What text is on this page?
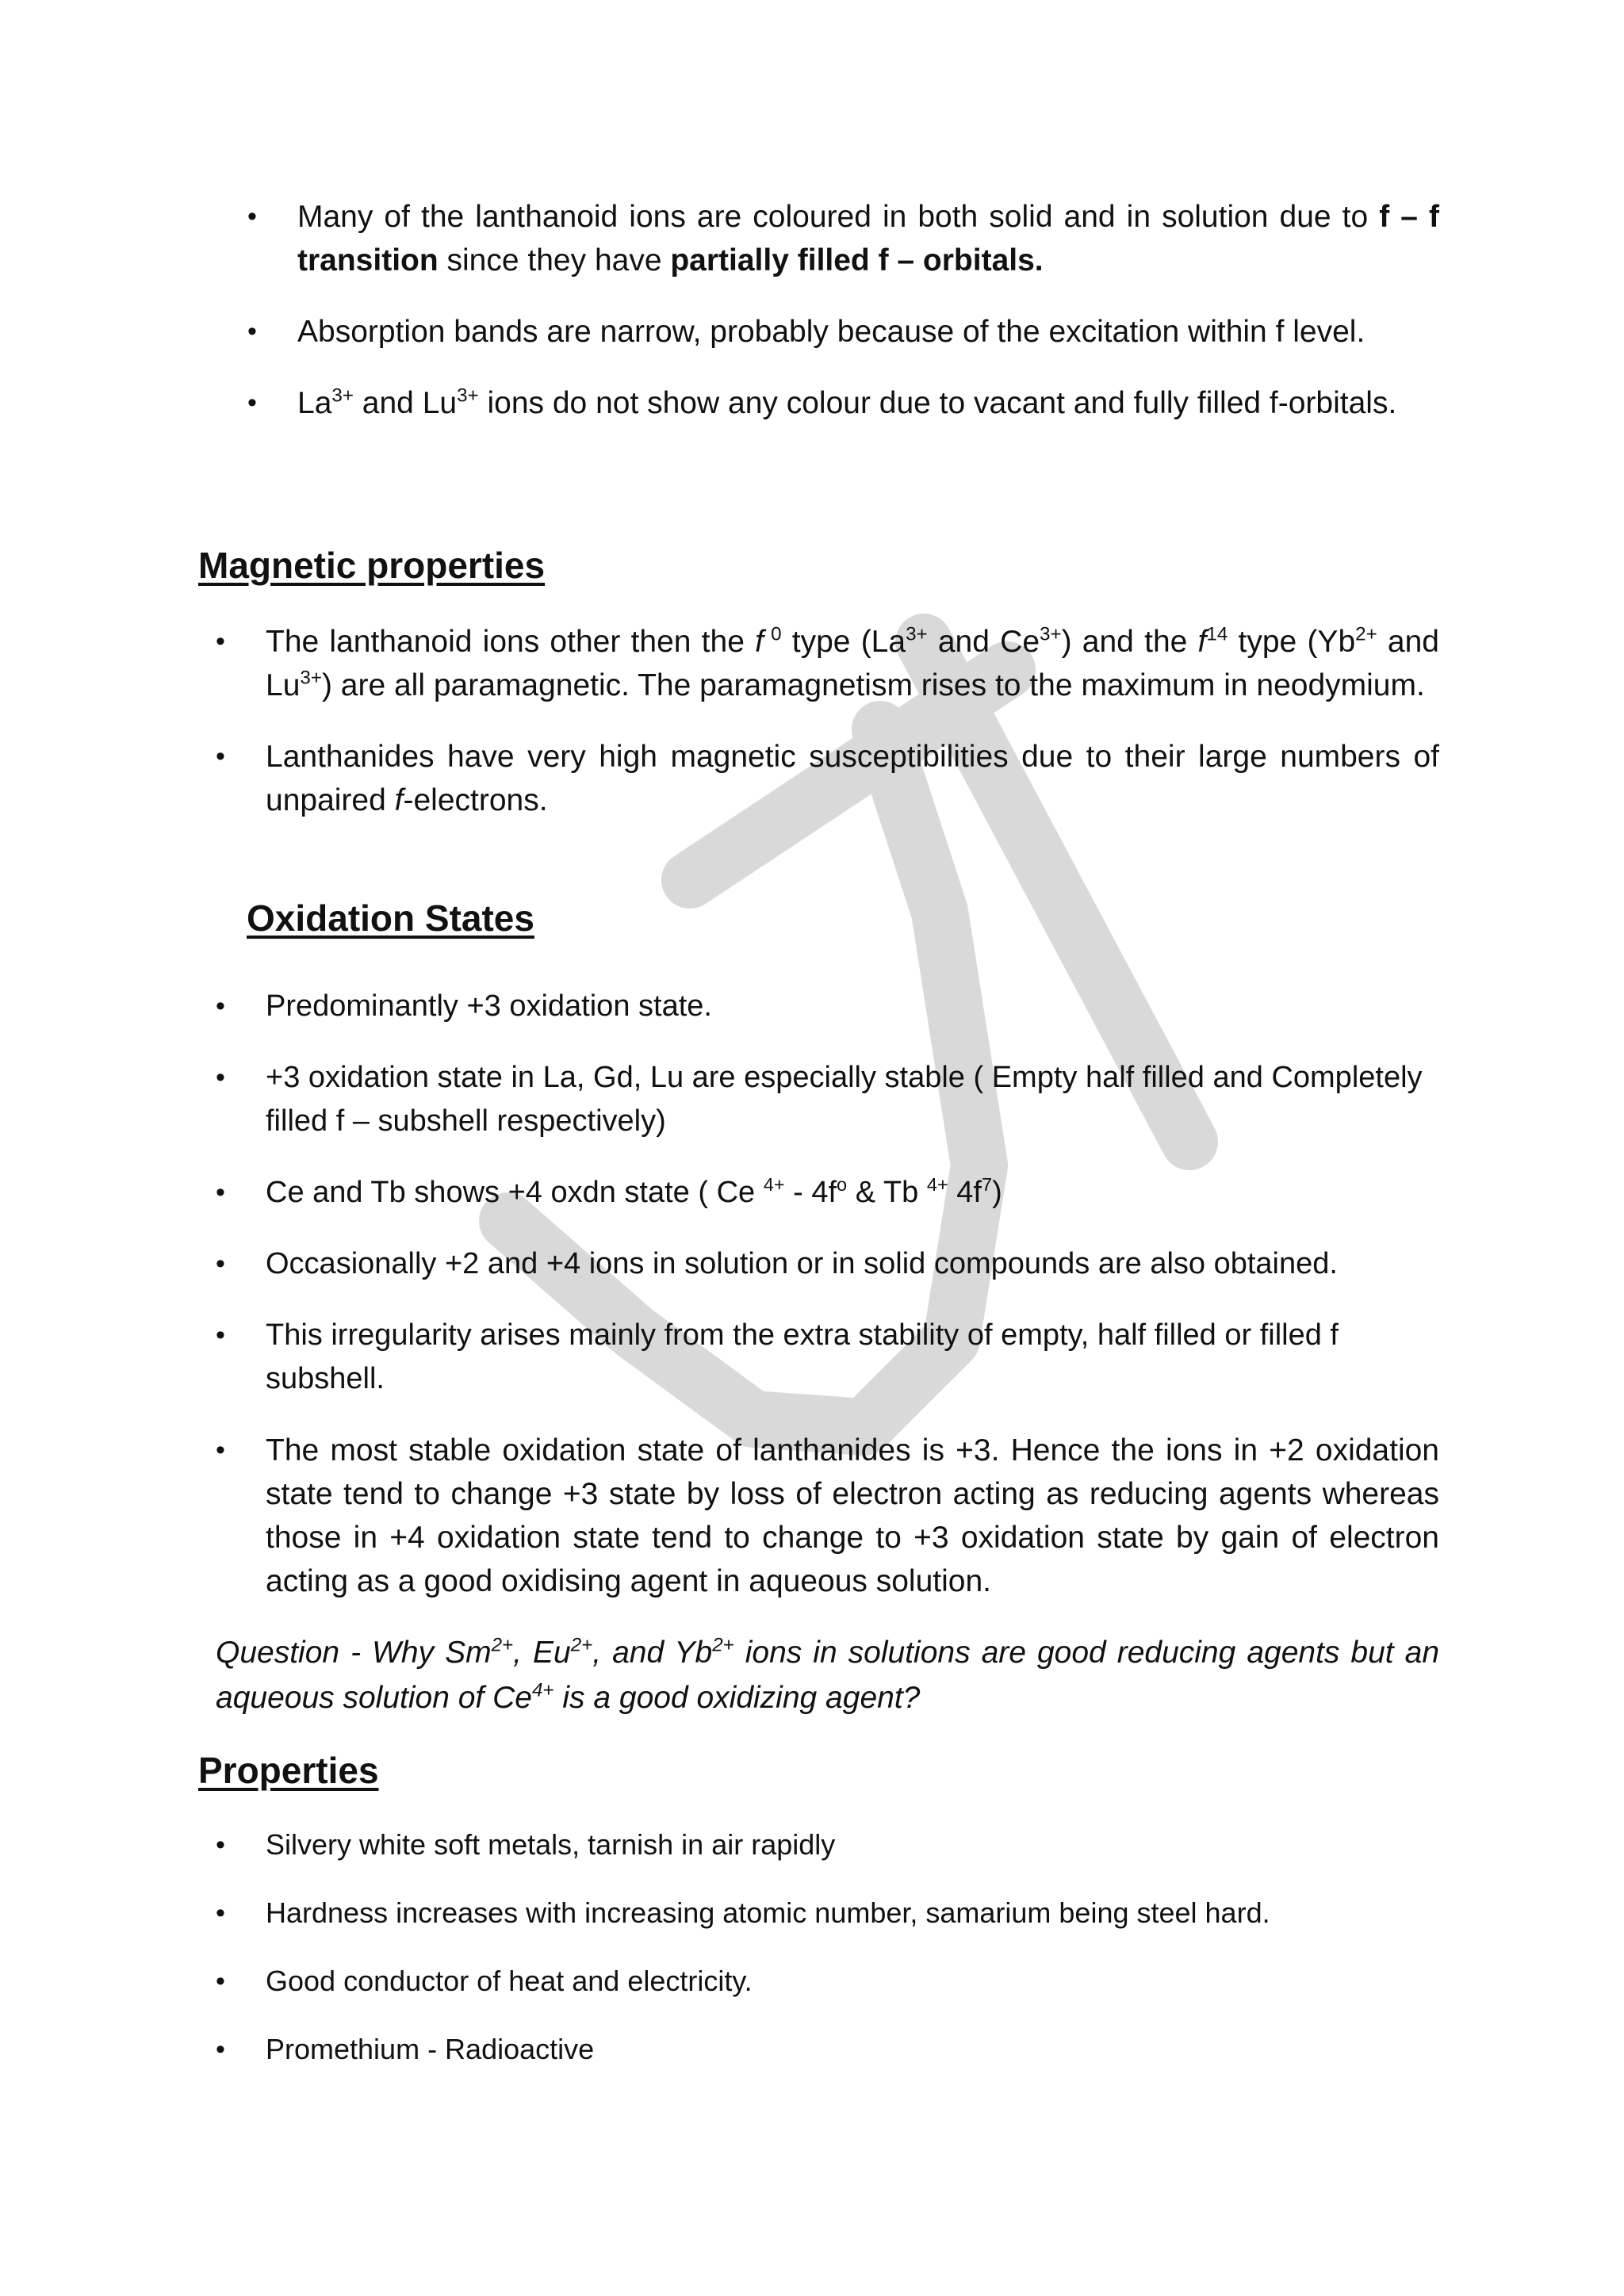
• Many of the lanthanoid ions are coloured in both solid and in solution due to f – f transition since they have partially filled f – orbitals.
• Absorption bands are narrow, probably because of the excitation within f level.
• $La^{3+}$ and $Lu^{3+}$ ions do not show any colour due to vacant and fully filled f-orbitals.
Magnetic properties
• The lanthanoid ions other then the f $^0$ type ($La^{3+}$ and $Ce^{3+}$) and the $f^{14}$ type ($Yb^{2+}$ and $Lu^{3+}$) are all paramagnetic. The paramagnetism rises to the maximum in neodymium.
• Lanthanides have very high magnetic susceptibilities due to their large numbers of unpaired f-electrons.
Oxidation States
• Predominantly +3 oxidation state.
• +3 oxidation state in La, Gd, Lu are especially stable ( Empty half filled and Completely filled f – subshell respectively)
• Ce and Tb shows +4 oxdn state ( Ce $^{4+} - 4f^o$ & Tb $^{4+}$ $4f^7$)
• Occasionally +2 and +4 ions in solution or in solid compounds are also obtained.
• This irregularity arises mainly from the extra stability of empty, half filled or filled f subshell.
• The most stable oxidation state of lanthanides is +3. Hence the ions in +2 oxidation state tend to change +3 state by loss of electron acting as reducing agents whereas those in +4 oxidation state tend to change to +3 oxidation state by gain of electron acting as a good oxidising agent in aqueous solution.

Question - Why $Sm^{2+}$, $Eu^{2+}$, and $Yb^{2+}$ ions in solutions are good reducing agents but an aqueous solution of $Ce^{4+}$ is a good oxidizing agent?

Properties
• Silvery white soft metals, tarnish in air rapidly
• Hardness increases with increasing atomic number, samarium being steel hard.
• Good conductor of heat and electricity.
• Promethium - Radioactive
